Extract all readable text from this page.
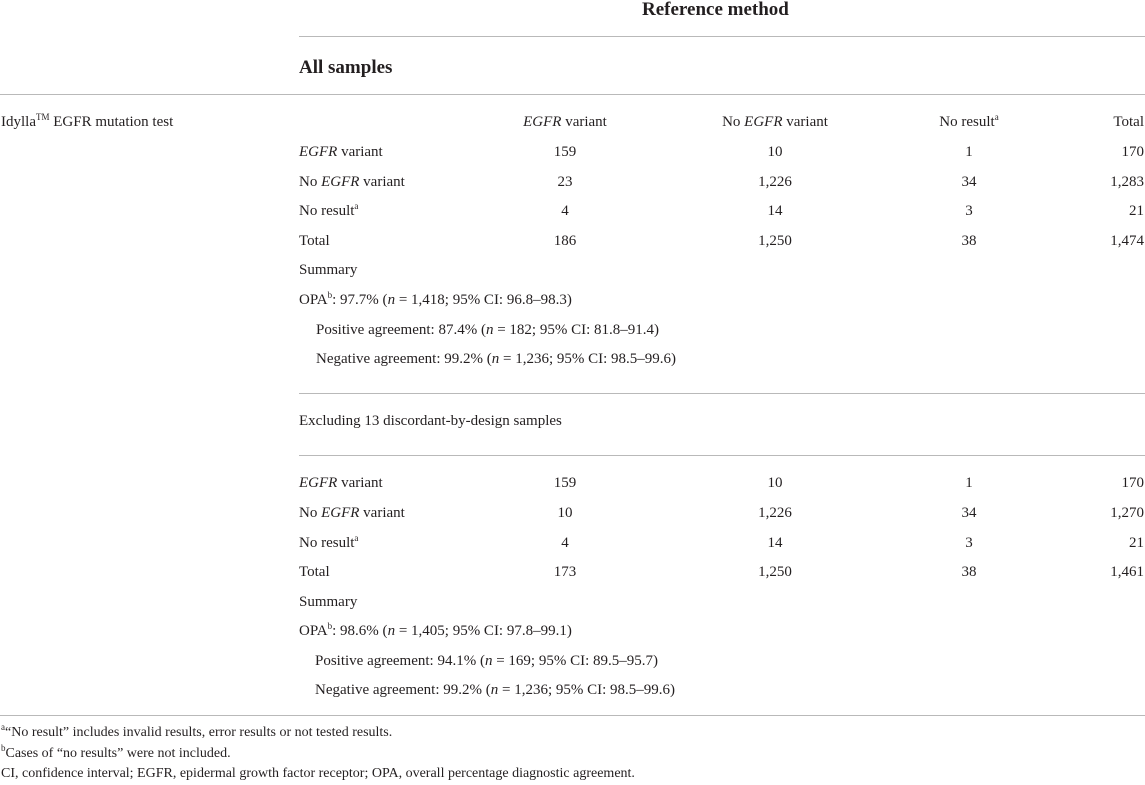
Reference method
All samples
Idylla™ EGFR mutation test	EGFR variant	No EGFR variant	No result$^a$	Total
EGFR variant	159	10	1	170
No EGFR variant	23	1,226	34	1,283
No result$^a$	4	14	3	21
Total	186	1,250	38	1,474
Summary
OPA$^b$: 97.7% (n = 1,418; 95% CI: 96.8–98.3)
Positive agreement: 87.4% (n = 182; 95% CI: 81.8–91.4)
Negative agreement: 99.2% (n = 1,236; 95% CI: 98.5–99.6)
Excluding 13 discordant-by-design samples
EGFR variant	159	10	1	170
No EGFR variant	10	1,226	34	1,270
No result$^a$	4	14	3	21
Total	173	1,250	38	1,461
Summary
OPA$^b$: 98.6% (n = 1,405; 95% CI: 97.8–99.1)
Positive agreement: 94.1% (n = 169; 95% CI: 89.5–95.7)
Negative agreement: 99.2% (n = 1,236; 95% CI: 98.5–99.6)
$^a$“No result” includes invalid results, error results or not tested results.
$^b$Cases of “no results” were not included.
CI, confidence interval; EGFR, epidermal growth factor receptor; OPA, overall percentage diagnostic agreement.
